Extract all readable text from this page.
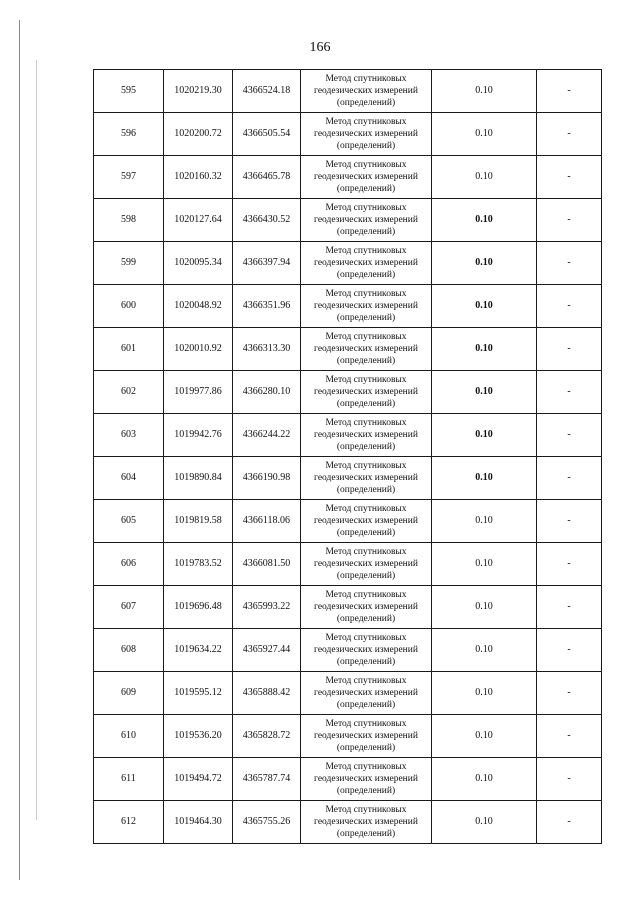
166
595	1020219.30	4366524.18	Метод спутниковых
геодезических измерений
(определений)	0.10	-
596	1020200.72	4366505.54	Метод спутниковых
геодезических измерений
(определений)	0.10	-
597	1020160.32	4366465.78	Метод спутниковых
геодезических измерений
(определений)	0.10	-
598	1020127.64	4366430.52	Метод спутниковых
геодезических измерений
(определений)	0.10	-
599	1020095.34	4366397.94	Метод спутниковых
геодезических измерений
(определений)	0.10	-
600	1020048.92	4366351.96	Метод спутниковых
геодезических измерений
(определений)	0.10	-
601	1020010.92	4366313.30	Метод спутниковых
геодезических измерений
(определений)	0.10	-
602	1019977.86	4366280.10	Метод спутниковых
геодезических измерений
(определений)	0.10	-
603	1019942.76	4366244.22	Метод спутниковых
геодезических измерений
(определений)	0.10	-
604	1019890.84	4366190.98	Метод спутниковых
геодезических измерений
(определений)	0.10	-
605	1019819.58	4366118.06	Метод спутниковых
геодезических измерений
(определений)	0.10	-
606	1019783.52	4366081.50	Метод спутниковых
геодезических измерений
(определений)	0.10	-
607	1019696.48	4365993.22	Метод спутниковых
геодезических измерений
(определений)	0.10	-
608	1019634.22	4365927.44	Метод спутниковых
геодезических измерений
(определений)	0.10	-
609	1019595.12	4365888.42	Метод спутниковых
геодезических измерений
(определений)	0.10	-
610	1019536.20	4365828.72	Метод спутниковых
геодезических измерений
(определений)	0.10	-
611	1019494.72	4365787.74	Метод спутниковых
геодезических измерений
(определений)	0.10	-
612	1019464.30	4365755.26	Метод спутниковых
геодезических измерений
(определений)	0.10	-
